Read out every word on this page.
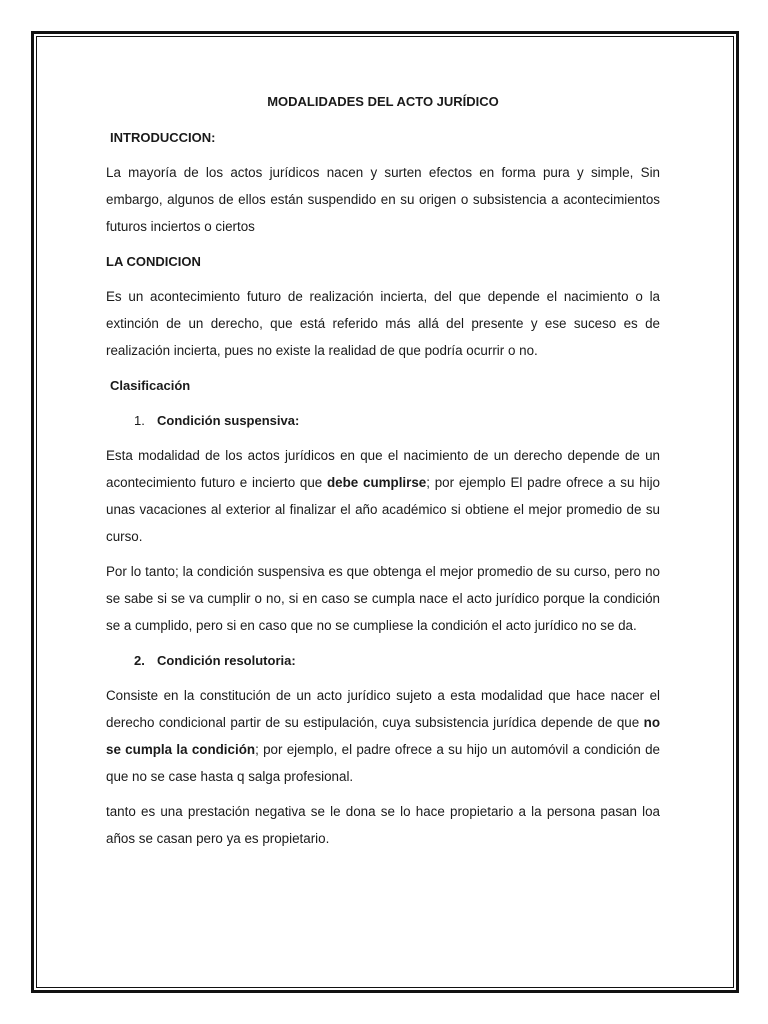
MODALIDADES DEL ACTO JURÍDICO
INTRODUCCION:

La mayoría de los actos jurídicos nacen y surten efectos en forma pura y simple, Sin embargo, algunos de ellos están suspendido en su origen o subsistencia a acontecimientos futuros inciertos o ciertos

LA CONDICION

Es un acontecimiento futuro de realización incierta, del que depende el nacimiento o la extinción de un derecho, que está referido más allá del presente y ese suceso es de realización incierta, pues no existe la realidad de que podría ocurrir o no.

Clasificación
1. Condición suspensiva:

Esta modalidad de los actos jurídicos en que el nacimiento de un derecho depende de un acontecimiento futuro e incierto que debe cumplirse; por ejemplo El padre ofrece a su hijo unas vacaciones al exterior al finalizar el año académico si obtiene el mejor promedio de su curso.

Por lo tanto; la condición suspensiva es que obtenga el mejor promedio de su curso, pero no se sabe si se va cumplir o no, si en caso se cumpla nace el acto jurídico porque la condición se a cumplido, pero si en caso que no se cumpliese la condición el acto jurídico no se da.

2. Condición resolutoria:

Consiste en la constitución de un acto jurídico sujeto a esta modalidad que hace nacer el derecho condicional partir de su estipulación, cuya subsistencia jurídica depende de que no se cumpla la condición; por ejemplo, el padre ofrece a su hijo un automóvil a condición de que no se case hasta q salga profesional.

tanto es una prestación negativa se le dona se lo hace propietario a la persona pasan loa años se casan pero ya es propietario.
